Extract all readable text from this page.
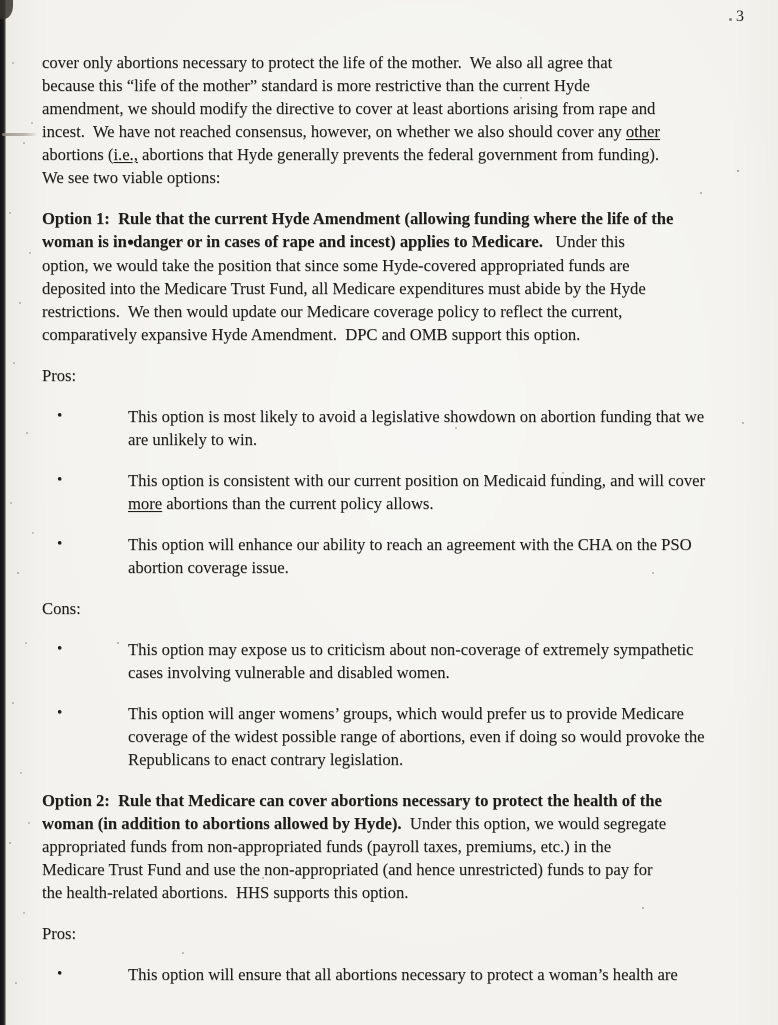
3
cover only abortions necessary to protect the life of the mother.  We also all agree that
because this “life of the mother” standard is more restrictive than the current Hyde
amendment, we should modify the directive to cover at least abortions arising from rape and
incest.  We have not reached consensus, however, on whether we also should cover any other
abortions (i.e., abortions that Hyde generally prevents the federal government from funding).
We see two viable options:
Option 1:  Rule that the current Hyde Amendment (allowing funding where the life of the
woman is in●danger or in cases of rape and incest) applies to Medicare.   Under this
option, we would take the position that since some Hyde-covered appropriated funds are
deposited into the Medicare Trust Fund, all Medicare expenditures must abide by the Hyde
restrictions.  We then would update our Medicare coverage policy to reflect the current,
comparatively expansive Hyde Amendment.  DPC and OMB support this option.
Pros:
•	This option is most likely to avoid a legislative showdown on abortion funding that we
are unlikely to win.
•	This option is consistent with our current position on Medicaid funding, and will cover
more abortions than the current policy allows.
•	This option will enhance our ability to reach an agreement with the CHA on the PSO
abortion coverage issue.
Cons:
•	This option may expose us to criticism about non-coverage of extremely sympathetic
cases involving vulnerable and disabled women.
•	This option will anger womens’ groups, which would prefer us to provide Medicare
coverage of the widest possible range of abortions, even if doing so would provoke the
Republicans to enact contrary legislation.
Option 2:  Rule that Medicare can cover abortions necessary to protect the health of the
woman (in addition to abortions allowed by Hyde).  Under this option, we would segregate
appropriated funds from non-appropriated funds (payroll taxes, premiums, etc.) in the
Medicare Trust Fund and use the non-appropriated (and hence unrestricted) funds to pay for
the health-related abortions.  HHS supports this option.
Pros:
•	This option will ensure that all abortions necessary to protect a woman’s health are
